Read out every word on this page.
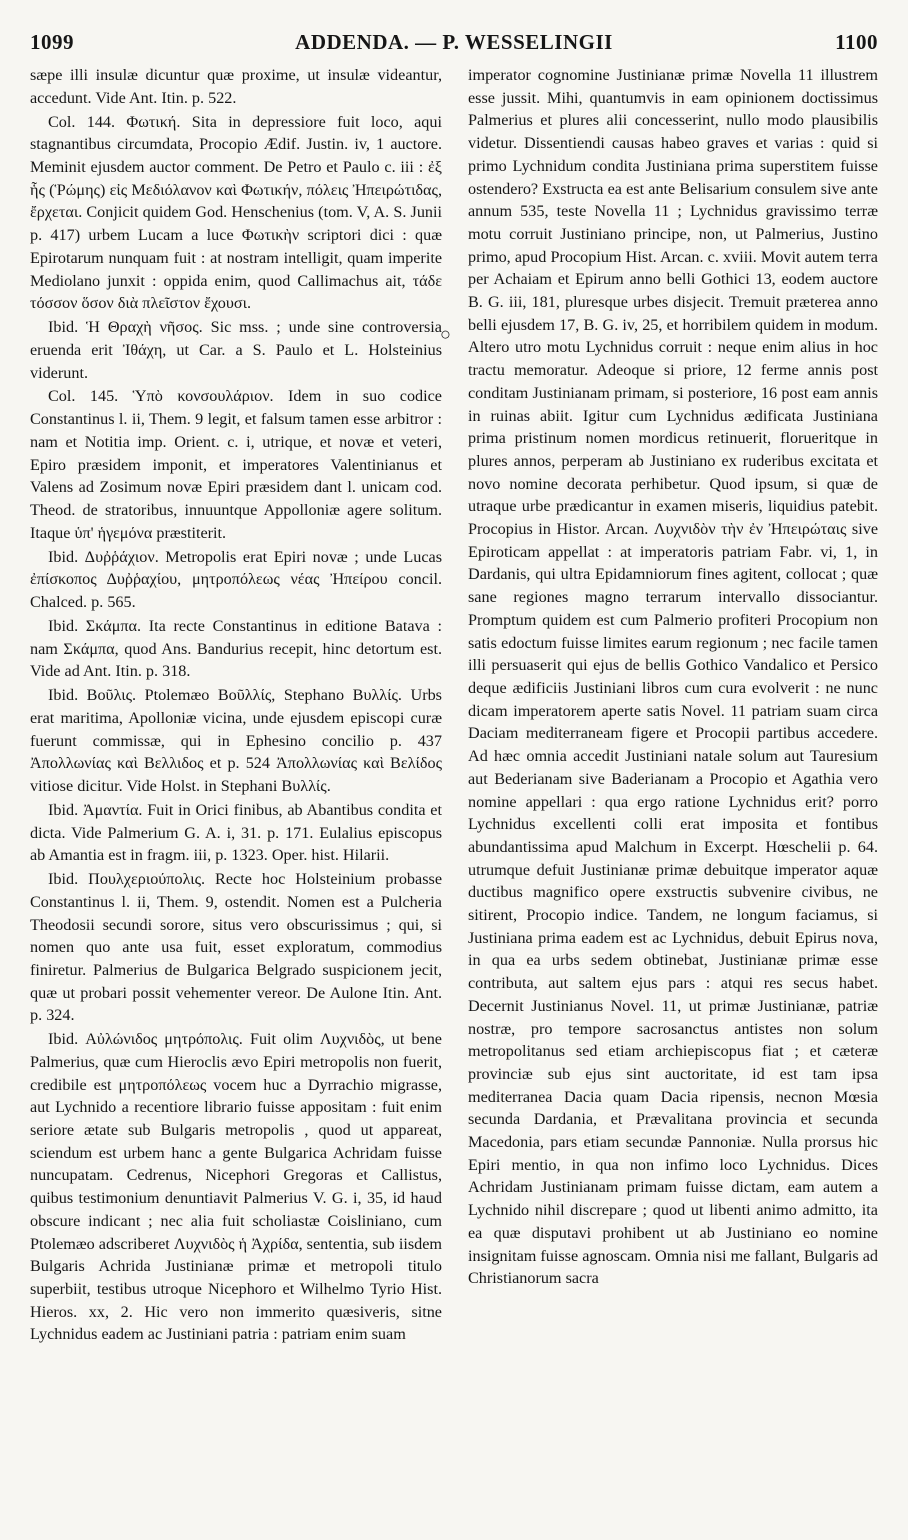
1099	ADDENDA. — P. WESSELINGII	1100

sæpe illi insulæ dicuntur quæ proxime, ut insulæ videantur, accedunt. Vide Ant. Itin. p. 522.

Col. 144. Φωτική. Sita in depressiore fuit loco, aqui stagnantibus circumdata, Procopio Ædif. Justin. iv, 1 auctore. Meminit ejusdem auctor comment. De Petro et Paulo c. iii : ἐξ ἧς (Ῥώμης) εἰς Μεδιόλανον καὶ Φωτικήν, πόλεις Ἠπειρώτιδας, ἔρχεται. Conjicit quidem God. Henschenius (tom. V, A. S. Junii p. 417) urbem Lucam a luce Φωτικὴν scriptori dici : quæ Epirotarum nunquam fuit : at nostram intelligit, quam imperite Mediolano junxit : oppida enim, quod Callimachus ait, τάδε τόσσον ὅσον διὰ πλεῖστον ἔχουσι.

Ibid. Ἡ Θραχὴ νῆσος. Sic mss. ; unde sine controversia eruenda erit Ἰθάχη, ut Car. a S. Paulo et L. Holsteinius viderunt.

Col. 145. Ὑπὸ κονσουλάριον. Idem in suo codice Constantinus l. ii, Them. 9 legit, et falsum tamen esse arbitror : nam et Notitia imp. Orient. c. i, utrique, et novæ et veteri, Epiro præsidem imponit, et imperatores Valentinianus et Valens ad Zosimum novæ Epiri præsidem dant l. unicam cod. Theod. de stratoribus, innuuntque Appolloniæ agere solitum. Itaque ὑπ' ἡγεμόνα præstiterit.

Ibid. Δυῤῥάχιον. Metropolis erat Epiri novæ ; unde Lucas ἐπίσκοπος Δυῤῥαχίου, μητροπόλεως νέας Ἠπείρου concil. Chalced. p. 565.

Ibid. Σκάμπα. Ita recte Constantinus in editione Batava : nam Σκάμπα, quod Ans. Bandurius recepit, hinc detortum est. Vide ad Ant. Itin. p. 318.

Ibid. Βοῦλις. Ptolemæo Βοῦλλίς, Stephano Βυλλίς. Urbs erat maritima, Apolloniæ vicina, unde ejusdem episcopi curæ fuerunt commissæ, qui in Ephesino concilio p. 437 Ἀπολλωνίας καὶ Βελλιδος et p. 524 Ἀπολλωνίας καὶ Βελίδος vitiose dicitur. Vide Holst. in Stephani Βυλλίς.

Ibid. Ἀμαντία. Fuit in Orici finibus, ab Abantibus condita et dicta. Vide Palmerium G. A. i, 31. p. 171. Eulalius episcopus ab Amantia est in fragm. iii, p. 1323. Oper. hist. Hilarii.

Ibid. Πουλχεριούπολις. Recte hoc Holsteinium probasse Constantinus l. ii, Them. 9, ostendit. Nomen est a Pulcheria Theodosii secundi sorore, situs vero obscurissimus ; qui, si nomen quo ante usa fuit, esset exploratum, commodius finiretur. Palmerius de Bulgarica Belgrado suspicionem jecit, quæ ut probari possit vehementer vereor. De Aulone Itin. Ant. p. 324.

Ibid. Αὐλώνιδος μητρόπολις. Fuit olim Λυχνιδὸς, ut bene Palmerius, quæ cum Hieroclis ævo Epiri metropolis non fuerit, credibile est μητροπόλεως vocem huc a Dyrrachio migrasse, aut Lychnido a recentiore librario fuisse appositam : fuit enim seriore ætate sub Bulgaris metropolis , quod ut appareat, sciendum est urbem hanc a gente Bulgarica Achridam fuisse nuncupatam. Cedrenus, Nicephori Gregoras et Callistus, quibus testimonium denuntiavit Palmerius V. G. i, 35, id haud obscure indicant ; nec alia fuit scholiastæ Coisliniano, cum Ptolemæo adscriberet Λυχνιδὸς ἡ Ἀχρίδα, sententia, sub iisdem Bulgaris Achrida Justinianæ primæ et metropoli titulo superbiit, testibus utroque Nicephoro et Wilhelmo Tyrio Hist. Hieros. xx, 2. Hic vero non immerito quæsiveris, sitne Lychnidus eadem ac Justiniani patria : patriam enim suam

○

imperator cognomine Justinianæ primæ Novella 11 illustrem esse jussit. Mihi, quantumvis in eam opinionem doctissimus Palmerius et plures alii concesserint, nullo modo plausibilis videtur. Dissentiendi causas habeo graves et varias : quid si primo Lychnidum condita Justiniana prima superstitem fuisse ostendero? Exstructa ea est ante Belisarium consulem sive ante annum 535, teste Novella 11 ; Lychnidus gravissimo terræ motu corruit Justiniano principe, non, ut Palmerius, Justino primo, apud Procopium Hist. Arcan. c. xviii. Movit autem terra per Achaiam et Epirum anno belli Gothici 13, eodem auctore B. G. iii, 181, pluresque urbes disjecit. Tremuit præterea anno belli ejusdem 17, B. G. iv, 25, et horribilem quidem in modum. Altero utro motu Lychnidus corruit : neque enim alius in hoc tractu memoratur. Adeoque si priore, 12 ferme annis post conditam Justinianam primam, si posteriore, 16 post eam annis in ruinas abiit. Igitur cum Lychnidus ædificata Justiniana prima pristinum nomen mordicus retinuerit, florueritque in plures annos, perperam ab Justiniano ex ruderibus excitata et novo nomine decorata perhibetur. Quod ipsum, si quæ de utraque urbe prædicantur in examen miseris, liquidius patebit. Procopius in Histor. Arcan. Λυχνιδὸν τὴν ἐν Ἠπειρώταις sive Epiroticam appellat : at imperatoris patriam Fabr. vi, 1, in Dardanis, qui ultra Epidamniorum fines agitent, collocat ; quæ sane regiones magno terrarum intervallo dissociantur. Promptum quidem est cum Palmerio profiteri Procopium non satis edoctum fuisse limites earum regionum ; nec facile tamen illi persuaserit qui ejus de bellis Gothico Vandalico et Persico deque ædificiis Justiniani libros cum cura evolverit : ne nunc dicam imperatorem aperte satis Novel. 11 patriam suam circa Daciam mediterraneam figere et Procopii partibus accedere. Ad hæc omnia accedit Justiniani natale solum aut Tauresium aut Bederianam sive Baderianam a Procopio et Agathia vero nomine appellari : qua ergo ratione Lychnidus erit? porro Lychnidus excellenti colli erat imposita et fontibus abundantissima apud Malchum in Excerpt. Hœschelii p. 64. utrumque defuit Justinianæ primæ debuitque imperator aquæ ductibus magnifico opere exstructis subvenire civibus, ne sitirent, Procopio indice. Tandem, ne longum faciamus, si Justiniana prima eadem est ac Lychnidus, debuit Epirus nova, in qua ea urbs sedem obtinebat, Justinianæ primæ esse contributa, aut saltem ejus pars : atqui res secus habet. Decernit Justinianus Novel. 11, ut primæ Justinianæ, patriæ nostræ, pro tempore sacrosanctus antistes non solum metropolitanus sed etiam archiepiscopus fiat ; et cæteræ provinciæ sub ejus sint auctoritate, id est tam ipsa mediterranea Dacia quam Dacia ripensis, necnon Mœsia secunda Dardania, et Prævalitana provincia et secunda Macedonia, pars etiam secundæ Pannoniæ. Nulla prorsus hic Epiri mentio, in qua non infimo loco Lychnidus. Dices Achridam Justinianam primam fuisse dictam, eam autem a Lychnido nihil discrepare ; quod ut libenti animo admitto, ita ea quæ disputavi prohibent ut ab Justiniano eo nomine insignitam fuisse agnoscam. Omnia nisi me fallant, Bulgaris ad Christianorum sacra
